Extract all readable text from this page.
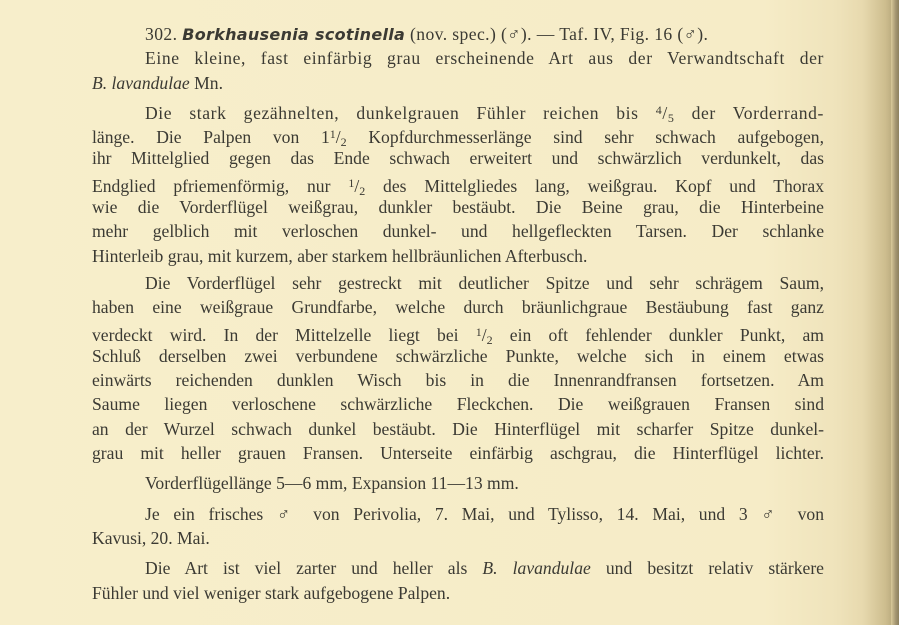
302. Borkhausenia scotinella (nov. spec.) (♂). — Taf. IV, Fig. 16 (♂).
Eine kleine, fast einfärbig grau erscheinende Art aus der Verwandtschaft der
B. lavandulae Mn.
Die stark gezähnelten, dunkelgrauen Fühler reichen bis $^4$/5 der Vorderrand-
länge. Die Palpen von $1^1/2$ Kopfdurchmesserlänge sind sehr schwach aufgebogen,
ihr Mittelglied gegen das Ende schwach erweitert und schwärzlich verdunkelt, das
Endglied pfriemenförmig, nur $^1$/2 des Mittelgliedes lang, weißgrau. Kopf und Thorax
wie die Vorderflügel weißgrau, dunkler bestäubt. Die Beine grau, die Hinterbeine
mehr gelblich mit verloschen dunkel- und hellgefleckten Tarsen. Der schlanke
Hinterleib grau, mit kurzem, aber starkem hellbräunlichen Afterbusch.
Die Vorderflügel sehr gestreckt mit deutlicher Spitze und sehr schrägem Saum,
haben eine weißgraue Grundfarbe, welche durch bräunlichgraue Bestäubung fast ganz
verdeckt wird. In der Mittelzelle liegt bei $^1$/2 ein oft fehlender dunkler Punkt, am
Schluß derselben zwei verbundene schwärzliche Punkte, welche sich in einem etwas
einwärts reichenden dunklen Wisch bis in die Innenrandfransen fortsetzen. Am
Saume liegen verloschene schwärzliche Fleckchen. Die weißgrauen Fransen sind
an der Wurzel schwach dunkel bestäubt. Die Hinterflügel mit scharfer Spitze dunkel-
grau mit heller grauen Fransen. Unterseite einfärbig aschgrau, die Hinterflügel lichter.
Vorderflügellänge 5—6 mm, Expansion 11—13 mm.
Je ein frisches ♂ von Perivolia, 7. Mai, und Tylisso, 14. Mai, und 3 ♂ von
Kavusi, 20. Mai.
Die Art ist viel zarter und heller als B. lavandulae und besitzt relativ stärkere
Fühler und viel weniger stark aufgebogene Palpen.
